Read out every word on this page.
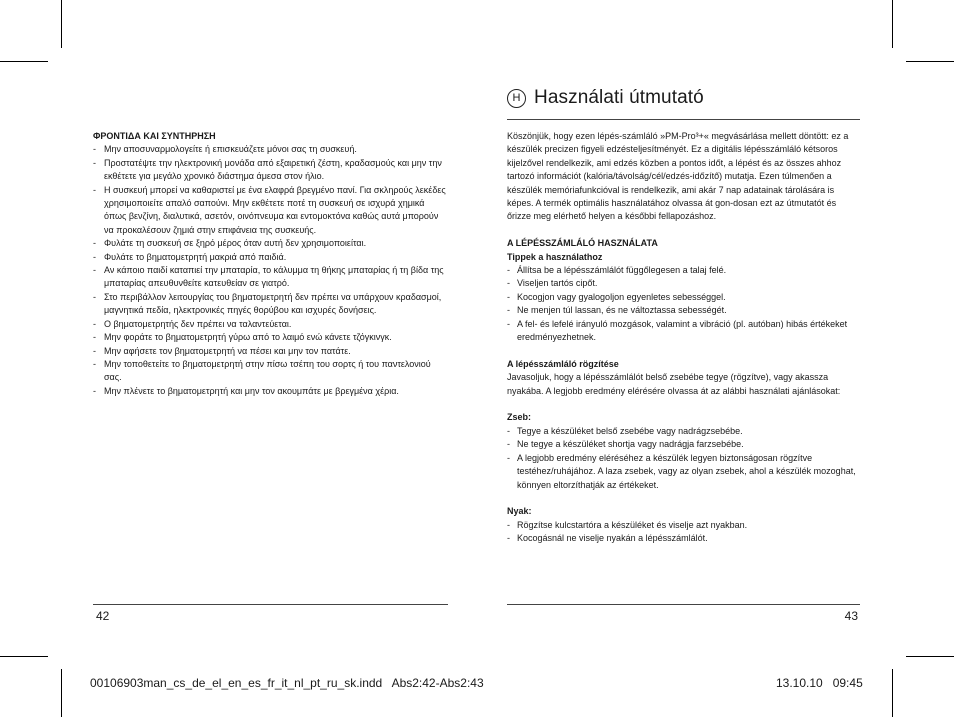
ΦΡΟΝΤΙΔΑ ΚΑΙ ΣΥΝΤΗΡΗΣΗ

- Μην αποσυναρμολογείτε ή επισκευάζετε μόνοι σας τη συσκευή.
- Προστατέψτε την ηλεκτρονική μονάδα από εξαιρετική ζέστη, κραδασμούς και μην την εκθέτετε για μεγάλο χρονικό διάστημα άμεσα στον ήλιο.
- Η συσκευή μπορεί να καθαριστεί με ένα ελαφρά βρεγμένο πανί. Για σκληρούς λεκέδες χρησιμοποιείτε απαλό σαπούνι. Μην εκθέτετε ποτέ τη συσκευή σε ισχυρά χημικά όπως βενζίνη, διαλυτικά, ασετόν, οινόπνευμα και εντομοκτόνα καθώς αυτά μπορούν να προκαλέσουν ζημιά στην επιφάνεια της συσκευής.
- Φυλάτε τη συσκευή σε ξηρό μέρος όταν αυτή δεν χρησιμοποιείται.
- Φυλάτε το βηματομετρητή μακριά από παιδιά.
- Αν κάποιο παιδί καταπιεί την μπαταρία, το κάλυμμα τη θήκης μπαταρίας ή τη βίδα της μπαταρίας απευθυνθείτε κατευθείαν σε γιατρό.
- Στο περιβάλλον λειτουργίας του βηματομετρητή δεν πρέπει να υπάρχουν κραδασμοί, μαγνητικά πεδία, ηλεκτρονικές πηγές θορύβου και ισχυρές δονήσεις.
- Ο βηματομετρητής δεν πρέπει να ταλαντεύεται.
- Μην φοράτε το βηματομετρητή γύρω από το λαιμό ενώ κάνετε τζόγκινγκ.
- Μην αφήσετε τον βηματομετρητή να πέσει και μην τον πατάτε.
- Μην τοποθετείτε το βηματομετρητή στην πίσω τσέπη του σορτς ή του παντελονιού σας.
- Μην πλένετε το βηματομετρητή και μην τον ακουμπάτε με βρεγμένα χέρια.
42
H Használati útmutató

Köszönjük, hogy ezen lépés-számláló »PM-Pro³+« megvásárlása mellett döntött: ez a készülék precizen figyeli edzésteljesítményét. Ez a digitális lépésszámláló kétsoros kijelzővel rendelkezik, ami edzés közben a pontos időt, a lépést és az összes ahhoz tartozó információt (kalória/távolság/cél/edzés-időzítő) mutatja. Ezen túlmenően a készülék memóriafunkcióval is rendelkezik, ami akár 7 nap adatainak tárolására is képes. A termék optimális használatához olvassa át gon-dosan ezt az útmutatót és őrizze meg elérhető helyen a későbbi fellapozáshoz.

A LÉPÉSSZÁMLÁLÓ HASZNÁLATA

Tippek a használathoz

- Állítsa be a lépésszámlálót függőlegesen a talaj felé.
- Viseljen tartós cipőt.
- Kocogjon vagy gyalogoljon egyenletes sebességgel.
- Ne menjen túl lassan, és ne változtassa sebességét.
- A fel- és lefelé irányuló mozgások, valamint a vibráció (pl. autóban) hibás értékeket eredményezhetnek.

A lépésszámláló rögzítése

Javasoljuk, hogy a lépésszámlálót belső zsebébe tegye (rögzítve), vagy akassza nyakába. A legjobb eredmény elérésére olvassa át az alábbi használati ajánlásokat:

Zseb:

- Tegye a készüléket belső zsebébe vagy nadrágzsebébe.
- Ne tegye a készüléket shortja vagy nadrágja farzsebébe.
- A legjobb eredmény eléréséhez a készülék legyen biztonságosan rögzítve testéhez/ruhájához. A laza zsebek, vagy az olyan zsebek, ahol a készülék mozoghat, könnyen eltorzíthatják az értékeket.

Nyak:

- Rögzítse kulcstartóra a készüléket és viselje azt nyakban.
- Kocogásnál ne viselje nyakán a lépésszámlálót.
43
00106903man_cs_de_el_en_es_fr_it_nl_pt_ru_sk.indd   Abs2:42-Abs2:43	13.10.10   09:45
